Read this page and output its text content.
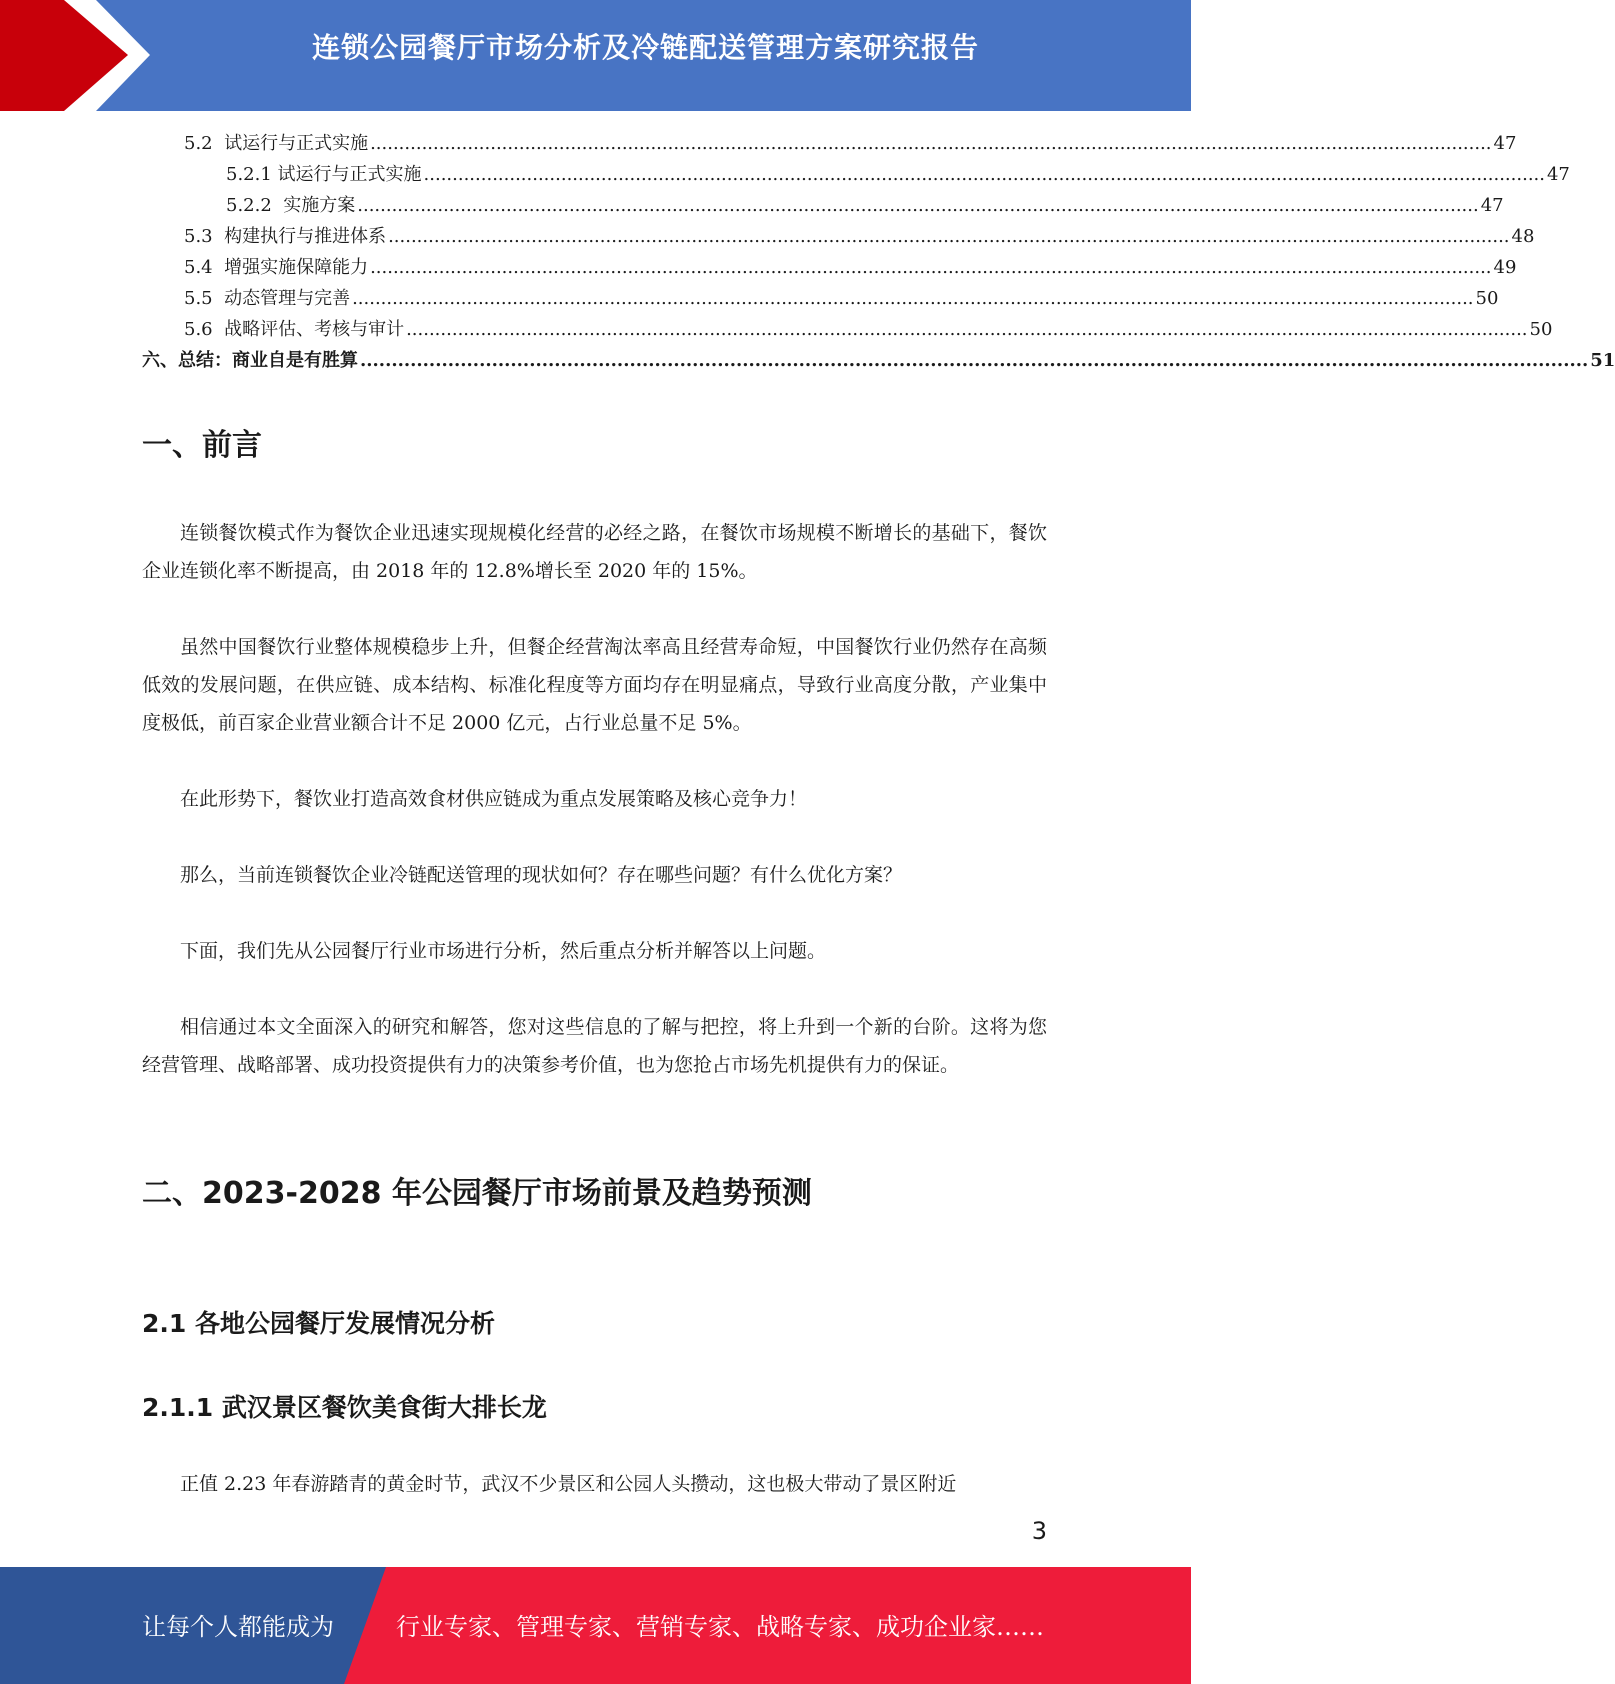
连锁公园餐厅市场分析及冷链配送管理方案研究报告
5.2  试运行与正式实施 .................................................................................................................................................................................................... 47
5.2.1 试运行与正式实施 .................................................................................................................................................................................................... 47
5.2.2  实施方案 .................................................................................................................................................................................................... 47
5.3  构建执行与推进体系 .................................................................................................................................................................................................... 48
5.4  增强实施保障能力 .................................................................................................................................................................................................... 49
5.5  动态管理与完善 .................................................................................................................................................................................................... 50
5.6  战略评估、考核与审计 .................................................................................................................................................................................................... 50
六、总结：商业自是有胜算 .................................................................................................................................................................................................... 51
一、前言
连锁餐饮模式作为餐饮企业迅速实现规模化经营的必经之路，在餐饮市场规模不断增长的基础下，餐饮企业连锁化率不断提高，由 2018 年的 12.8%增长至 2020 年的 15%。
虽然中国餐饮行业整体规模稳步上升，但餐企经营淘汰率高且经营寿命短，中国餐饮行业仍然存在高频低效的发展问题，在供应链、成本结构、标准化程度等方面均存在明显痛点，导致行业高度分散，产业集中度极低，前百家企业营业额合计不足 2000 亿元，占行业总量不足 5%。
在此形势下，餐饮业打造高效食材供应链成为重点发展策略及核心竞争力！
那么，当前连锁餐饮企业冷链配送管理的现状如何？存在哪些问题？有什么优化方案？
下面，我们先从公园餐厅行业市场进行分析，然后重点分析并解答以上问题。
相信通过本文全面深入的研究和解答，您对这些信息的了解与把控，将上升到一个新的台阶。这将为您经营管理、战略部署、成功投资提供有力的决策参考价值，也为您抢占市场先机提供有力的保证。
二、2023-2028 年公园餐厅市场前景及趋势预测
2.1 各地公园餐厅发展情况分析
2.1.1 武汉景区餐饮美食街大排长龙
正值 2.23 年春游踏青的黄金时节，武汉不少景区和公园人头攒动，这也极大带动了景区附近
3
让每个人都能成为	行业专家、管理专家、营销专家、战略专家、成功企业家……
